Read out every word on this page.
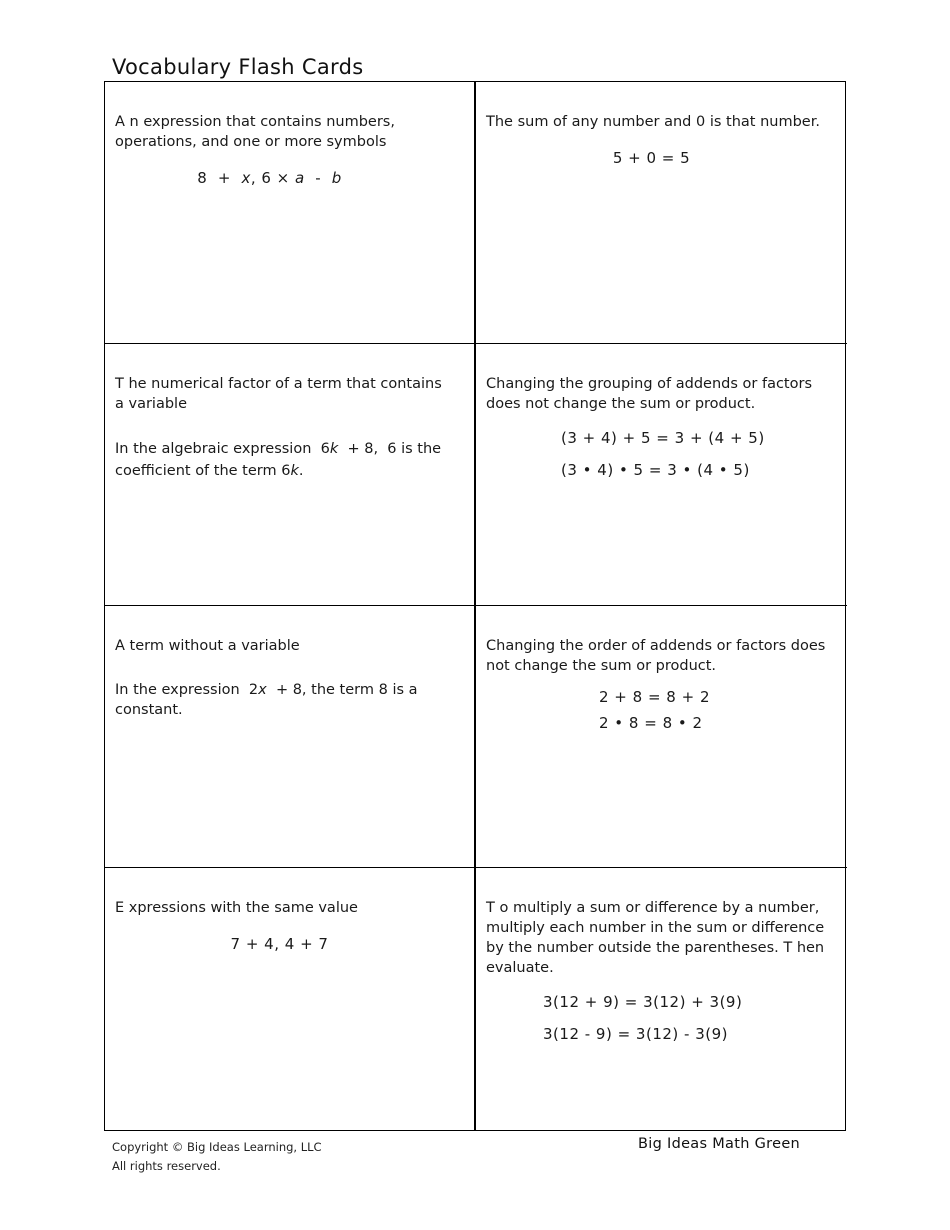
Vocabulary Flash Cards

A n expression that contains numbers, operations, and one or more symbols

8  +  x, 6 × a  -  b

The sum of any number and 0 is that number.

5 + 0 = 5

T he numerical factor of a term that contains

a variable

In the algebraic expression  6k  + 8,  6 is the
coefficient of the term 6k.

Changing the grouping of addends or factors does not change the sum or product.

(3 + 4) + 5 = 3 + (4 + 5)
(3 • 4) • 5 = 3 • (4 • 5)

A term without a variable

In the expression  2x  + 8, the term 8 is a constant.

Changing the order of addends or factors does not change the sum or product.

2 + 8 = 8 + 2
2 • 8 = 8 • 2

E xpressions with the same value

7 + 4, 4 + 7

T o multiply a sum or difference by a number, multiply each number in the sum or difference by the number outside the parentheses. T hen evaluate.

3(12 + 9) = 3(12) + 3(9)
3(12 - 9) = 3(12) - 3(9)
Copyright © Big Ideas Learning, LLC
All rights reserved.
Big Ideas Math Green
